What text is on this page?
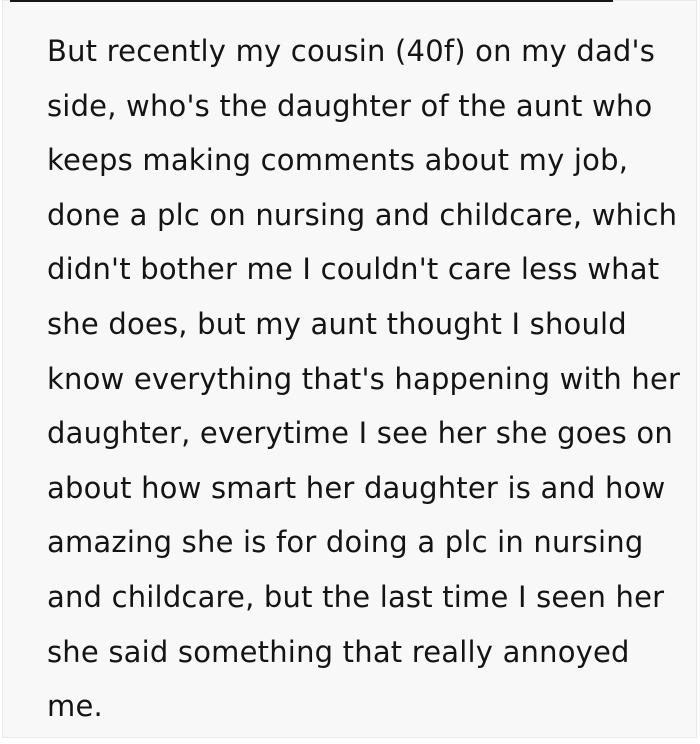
But recently my cousin (40f) on my dad's
side, who's the daughter of the aunt who
keeps making comments about my job,
done a plc on nursing and childcare, which
didn't bother me I couldn't care less what
she does, but my aunt thought I should
know everything that's happening with her
daughter, everytime I see her she goes on
about how smart her daughter is and how
amazing she is for doing a plc in nursing
and childcare, but the last time I seen her
she said something that really annoyed
me.
